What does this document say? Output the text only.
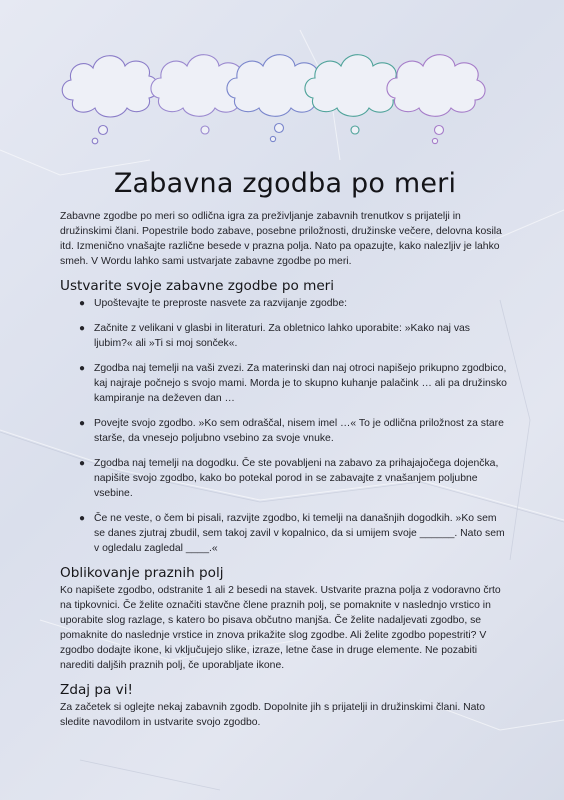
Zabavna zgodba po meri

Zabavne zgodbe po meri so odlična igra za preživljanje zabavnih trenutkov s prijatelji in družinskimi člani. Popestrile bodo zabave, posebne priložnosti, družinske večere, delovna kosila itd. Izmenično vnašajte različne besede v prazna polja. Nato pa opazujte, kako nalezljiv je lahko smeh. V Wordu lahko sami ustvarjate zabavne zgodbe po meri.

Ustvarite svoje zabavne zgodbe po meri
● Upoštevajte te preproste nasvete za razvijanje zgodbe:
● Začnite z velikani v glasbi in literaturi. Za obletnico lahko uporabite: »Kako naj vas ljubim?« ali »Ti si moj sonček«.
● Zgodba naj temelji na vaši zvezi. Za materinski dan naj otroci napišejo prikupno zgodbico, kaj najraje počnejo s svojo mami. Morda je to skupno kuhanje palačink … ali pa družinsko kampiranje na deževen dan …
● Povejte svojo zgodbo. »Ko sem odraščal, nisem imel …« To je odlična priložnost za stare starše, da vnesejo poljubno vsebino za svoje vnuke.
● Zgodba naj temelji na dogodku. Če ste povabljeni na zabavo za prihajajočega dojenčka, napišite svojo zgodbo, kako bo potekal porod in se zabavajte z vnašanjem poljubne vsebine.
● Če ne veste, o čem bi pisali, razvijte zgodbo, ki temelji na današnjih dogodkih. »Ko sem se danes zjutraj zbudil, sem takoj zavil v kopalnico, da si umijem svoje ______. Nato sem v ogledalu zagledal ____.«
Oblikovanje praznih polj

Ko napišete zgodbo, odstranite 1 ali 2 besedi na stavek. Ustvarite prazna polja z vodoravno črto na tipkovnici. Če želite označiti stavčne člene praznih polj, se pomaknite v naslednjo vrstico in uporabite slog razlage, s katero bo pisava občutno manjša. Če želite nadaljevati zgodbo, se pomaknite do naslednje vrstice in znova prikažite slog zgodbe. Ali želite zgodbo popestriti? V zgodbo dodajte ikone, ki vključujejo slike, izraze, letne čase in druge elemente. Ne pozabiti narediti daljših praznih polj, če uporabljate ikone.

Zdaj pa vi!

Za začetek si oglejte nekaj zabavnih zgodb. Dopolnite jih s prijatelji in družinskimi člani. Nato sledite navodilom in ustvarite svojo zgodbo.
